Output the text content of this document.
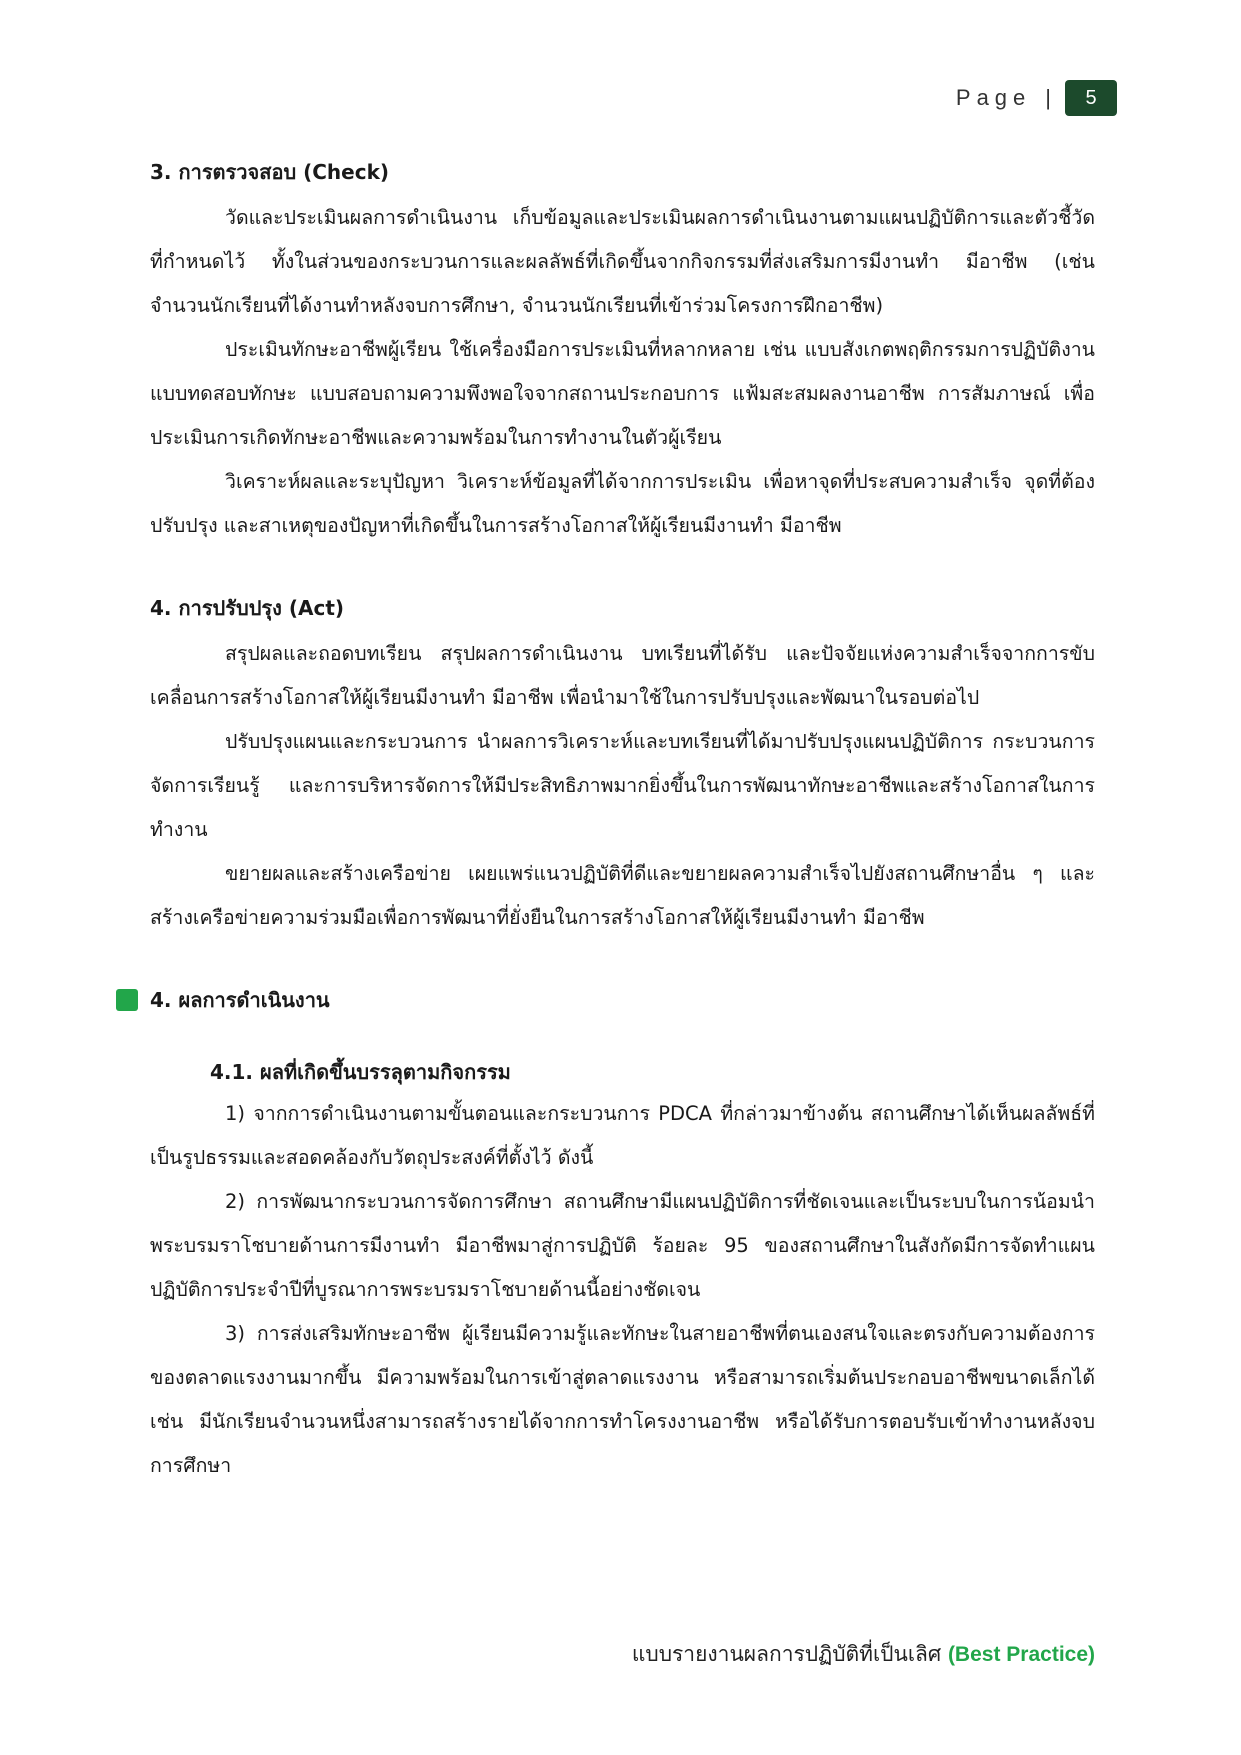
Page |	5
3. การตรวจสอบ (Check)

วัดและประเมินผลการดำเนินงาน เก็บข้อมูลและประเมินผลการดำเนินงานตามแผนปฏิบัติการและตัวชี้วัดที่กำหนดไว้ ทั้งในส่วนของกระบวนการและผลลัพธ์ที่เกิดขึ้นจากกิจกรรมที่ส่งเสริมการมีงานทำ มีอาชีพ (เช่น จำนวนนักเรียนที่ได้งานทำหลังจบการศึกษา, จำนวนนักเรียนที่เข้าร่วมโครงการฝึกอาชีพ)

ประเมินทักษะอาชีพผู้เรียน ใช้เครื่องมือการประเมินที่หลากหลาย เช่น แบบสังเกตพฤติกรรมการปฏิบัติงาน แบบทดสอบทักษะ แบบสอบถามความพึงพอใจจากสถานประกอบการ แฟ้มสะสมผลงานอาชีพ การสัมภาษณ์ เพื่อประเมินการเกิดทักษะอาชีพและความพร้อมในการทำงานในตัวผู้เรียน

วิเคราะห์ผลและระบุปัญหา วิเคราะห์ข้อมูลที่ได้จากการประเมิน เพื่อหาจุดที่ประสบความสำเร็จ จุดที่ต้องปรับปรุง และสาเหตุของปัญหาที่เกิดขึ้นในการสร้างโอกาสให้ผู้เรียนมีงานทำ มีอาชีพ

4. การปรับปรุง (Act)

สรุปผลและถอดบทเรียน สรุปผลการดำเนินงาน บทเรียนที่ได้รับ และปัจจัยแห่งความสำเร็จจากการขับเคลื่อนการสร้างโอกาสให้ผู้เรียนมีงานทำ มีอาชีพ เพื่อนำมาใช้ในการปรับปรุงและพัฒนาในรอบต่อไป

ปรับปรุงแผนและกระบวนการ นำผลการวิเคราะห์และบทเรียนที่ได้มาปรับปรุงแผนปฏิบัติการ กระบวนการจัดการเรียนรู้ และการบริหารจัดการให้มีประสิทธิภาพมากยิ่งขึ้นในการพัฒนาทักษะอาชีพและสร้างโอกาสในการทำงาน

ขยายผลและสร้างเครือข่าย เผยแพร่แนวปฏิบัติที่ดีและขยายผลความสำเร็จไปยังสถานศึกษาอื่น ๆ และสร้างเครือข่ายความร่วมมือเพื่อการพัฒนาที่ยั่งยืนในการสร้างโอกาสให้ผู้เรียนมีงานทำ มีอาชีพ

4. ผลการดำเนินงาน
4.1. ผลที่เกิดขึ้นบรรลุตามกิจกรรม

1) จากการดำเนินงานตามขั้นตอนและกระบวนการ PDCA ที่กล่าวมาข้างต้น สถานศึกษาได้เห็นผลลัพธ์ที่เป็นรูปธรรมและสอดคล้องกับวัตถุประสงค์ที่ตั้งไว้ ดังนี้

2) การพัฒนากระบวนการจัดการศึกษา สถานศึกษามีแผนปฏิบัติการที่ชัดเจนและเป็นระบบในการน้อมนำพระบรมราโชบายด้านการมีงานทำ มีอาชีพมาสู่การปฏิบัติ ร้อยละ 95 ของสถานศึกษาในสังกัดมีการจัดทำแผนปฏิบัติการประจำปีที่บูรณาการพระบรมราโชบายด้านนี้อย่างชัดเจน

3) การส่งเสริมทักษะอาชีพ ผู้เรียนมีความรู้และทักษะในสายอาชีพที่ตนเองสนใจและตรงกับความต้องการของตลาดแรงงานมากขึ้น มีความพร้อมในการเข้าสู่ตลาดแรงงาน หรือสามารถเริ่มต้นประกอบอาชีพขนาดเล็กได้ เช่น มีนักเรียนจำนวนหนึ่งสามารถสร้างรายได้จากการทำโครงงานอาชีพ หรือได้รับการตอบรับเข้าทำงานหลังจบการศึกษา

แบบรายงานผลการปฏิบัติที่เป็นเลิศ (Best Practice)
